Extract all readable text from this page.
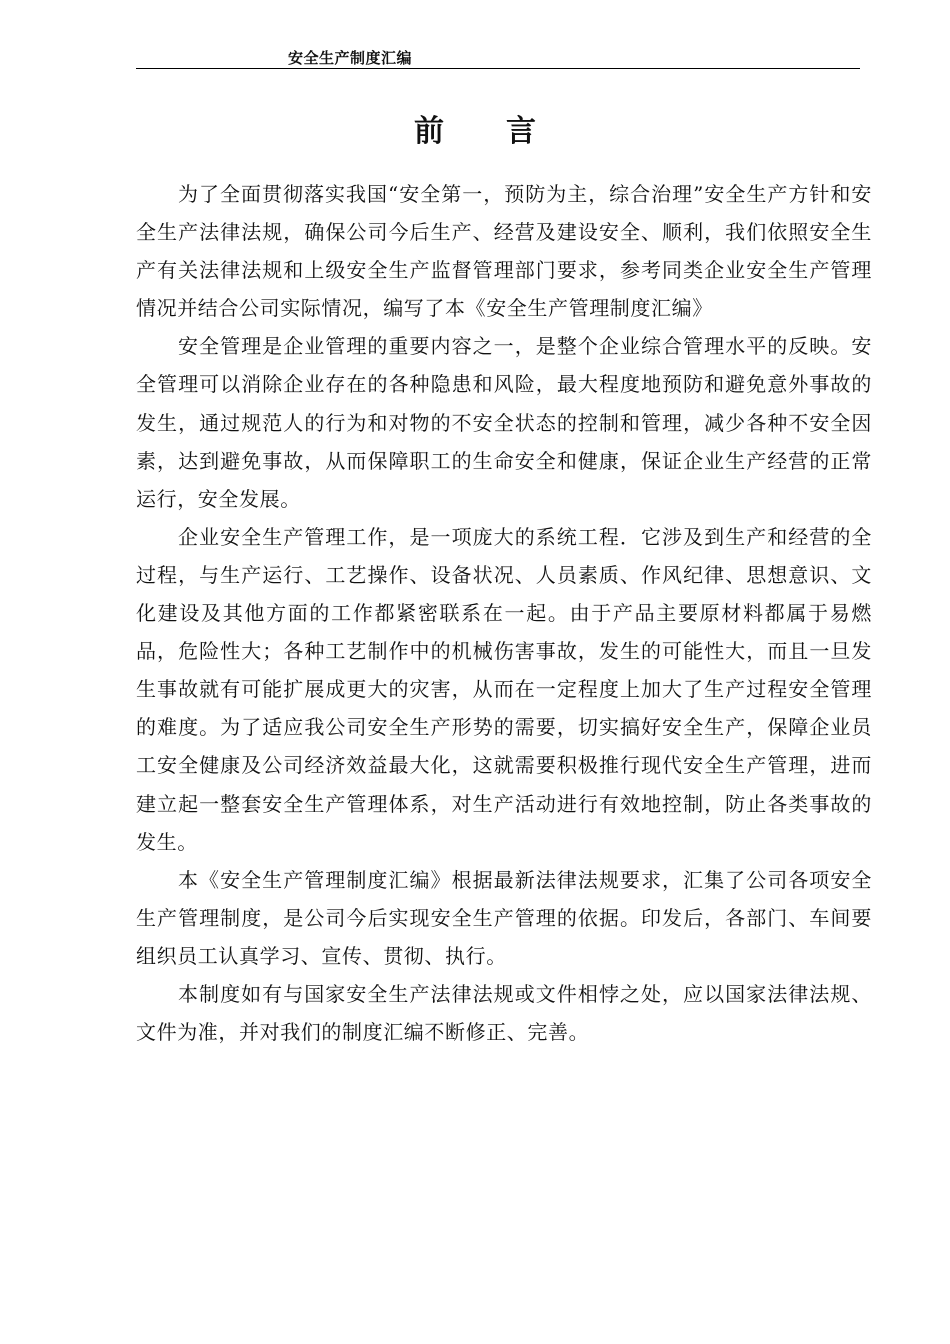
安全生产制度汇编
前 言

为了全面贯彻落实我国“安全第一，预防为主，综合治理”安全生产方针和安全生产法律法规，确保公司今后生产、经营及建设安全、顺利，我们依照安全生产有关法律法规和上级安全生产监督管理部门要求，参考同类企业安全生产管理情况并结合公司实际情况，编写了本《安全生产管理制度汇编》

安全管理是企业管理的重要内容之一，是整个企业综合管理水平的反映。安全管理可以消除企业存在的各种隐患和风险，最大程度地预防和避免意外事故的发生，通过规范人的行为和对物的不安全状态的控制和管理，减少各种不安全因素，达到避免事故，从而保障职工的生命安全和健康，保证企业生产经营的正常运行，安全发展。

企业安全生产管理工作，是一项庞大的系统工程．它涉及到生产和经营的全过程，与生产运行、工艺操作、设备状况、人员素质、作风纪律、思想意识、文化建设及其他方面的工作都紧密联系在一起。由于产品主要原材料都属于易燃品，危险性大；各种工艺制作中的机械伤害事故，发生的可能性大，而且一旦发生事故就有可能扩展成更大的灾害，从而在一定程度上加大了生产过程安全管理的难度。为了适应我公司安全生产形势的需要，切实搞好安全生产，保障企业员工安全健康及公司经济效益最大化，这就需要积极推行现代安全生产管理，进而建立起一整套安全生产管理体系，对生产活动进行有效地控制，防止各类事故的发生。

本《安全生产管理制度汇编》根据最新法律法规要求，汇集了公司各项安全生产管理制度，是公司今后实现安全生产管理的依据。印发后，各部门、车间要组织员工认真学习、宣传、贯彻、执行。

本制度如有与国家安全生产法律法规或文件相悖之处，应以国家法律法规、文件为准，并对我们的制度汇编不断修正、完善。
